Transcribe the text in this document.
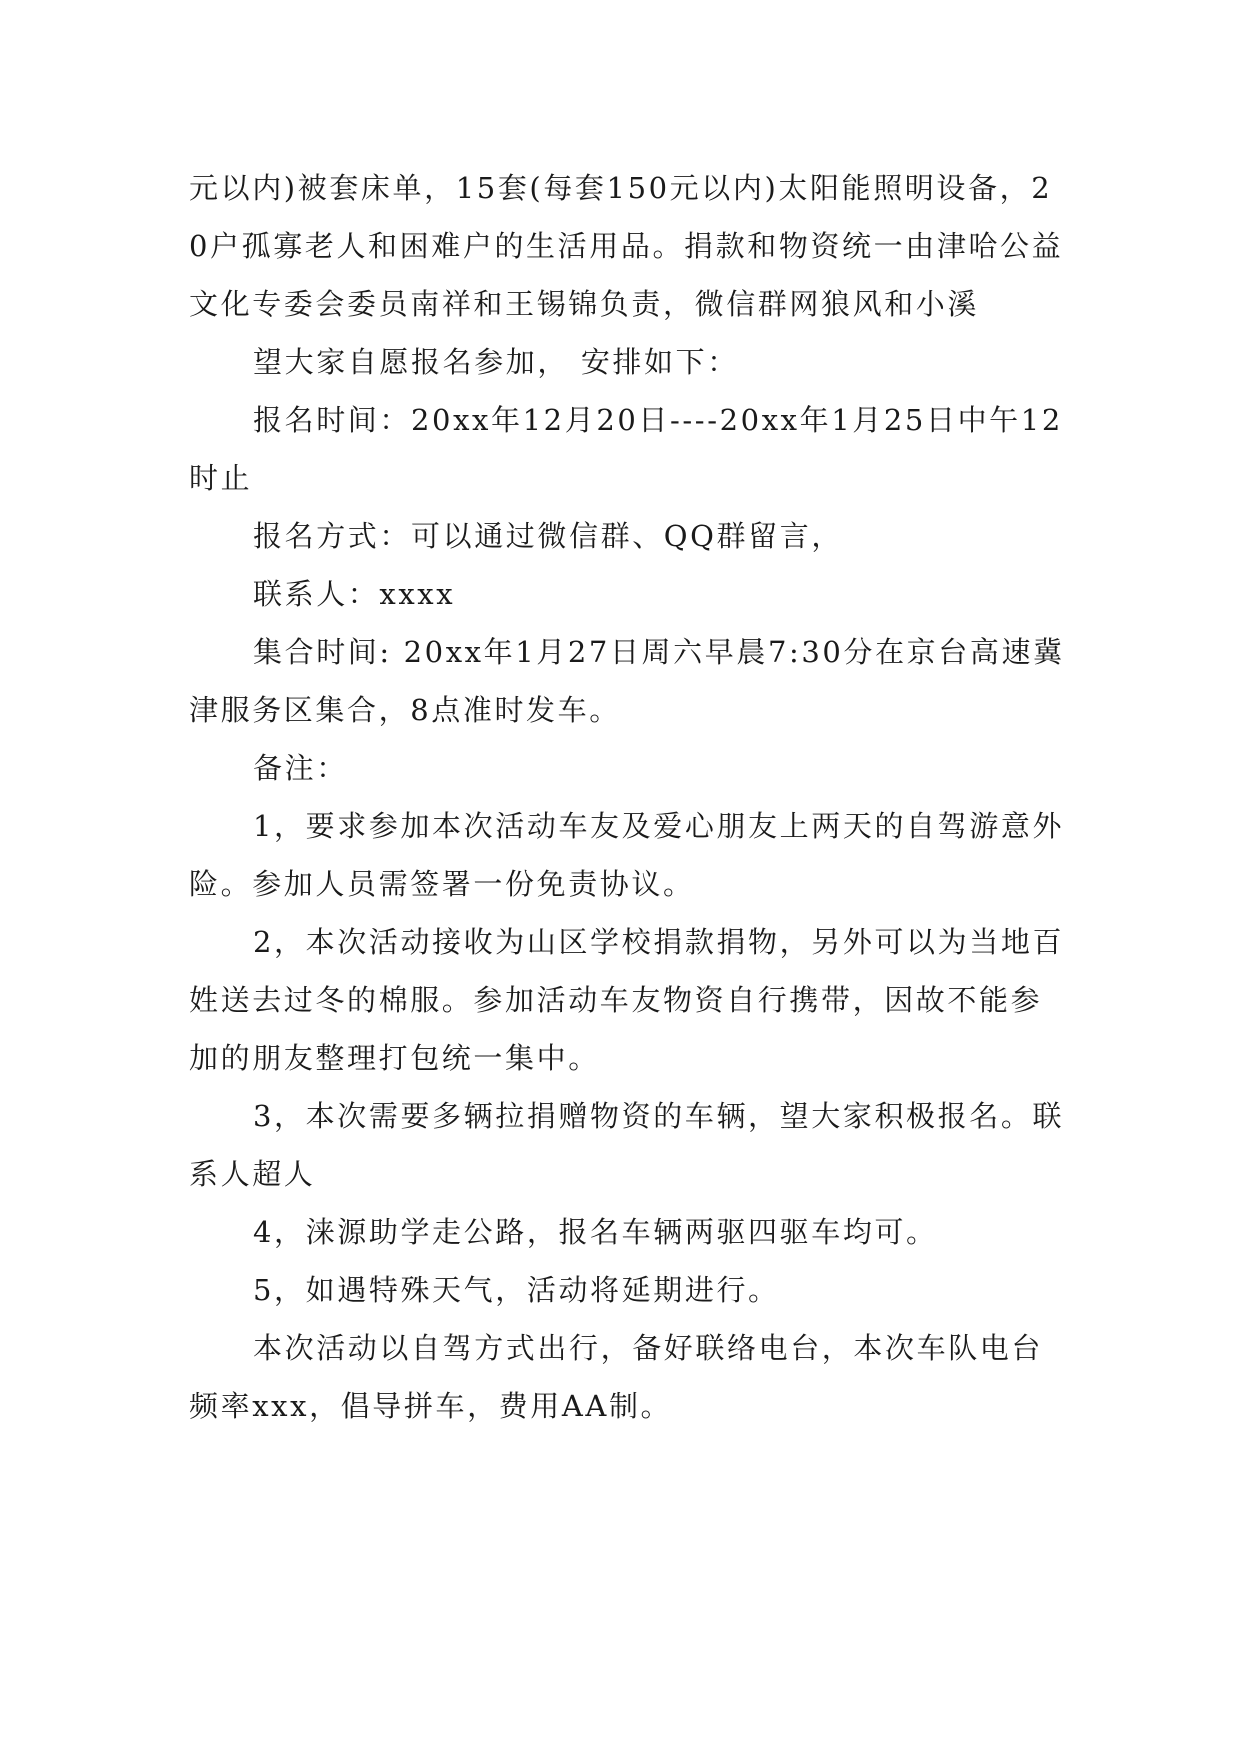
元以内)被套床单，15套(每套150元以内)太阳能照明设备，20户孤寡老人和困难户的生活用品。捐款和物资统一由津哈公益文化专委会委员南祥和王锡锦负责，微信群网狼风和小溪

望大家自愿报名参加， 安排如下：

报名时间：20xx年12月20日----20xx年1月25日中午12时止

报名方式：可以通过微信群、QQ群留言，

联系人：xxxx

集合时间: 20xx年1月27日周六早晨7:30分在京台高速冀津服务区集合，8点准时发车。

备注：

1，要求参加本次活动车友及爱心朋友上两天的自驾游意外险。参加人员需签署一份免责协议。

2，本次活动接收为山区学校捐款捐物，另外可以为当地百姓送去过冬的棉服。参加活动车友物资自行携带，因故不能参加的朋友整理打包统一集中。

3，本次需要多辆拉捐赠物资的车辆，望大家积极报名。联系人超人

4，涞源助学走公路，报名车辆两驱四驱车均可。

5，如遇特殊天气，活动将延期进行。

本次活动以自驾方式出行，备好联络电台，本次车队电台频率xxx，倡导拼车，费用AA制。
